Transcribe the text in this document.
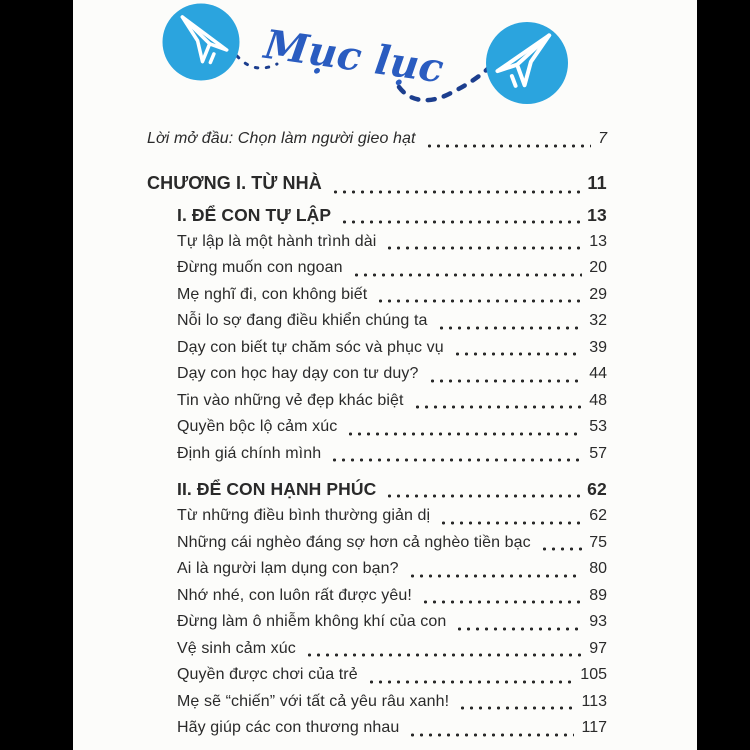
Mục lục
Lời mở đầu: Chọn làm người gieo hạt	7
CHƯƠNG I. TỪ NHÀ	11
I. ĐỂ CON TỰ LẬP	13
Tự lập là một hành trình dài	13
Đừng muốn con ngoan	20
Mẹ nghĩ đi, con không biết	29
Nỗi lo sợ đang điều khiển chúng ta	32
Dạy con biết tự chăm sóc và phục vụ	39
Dạy con học hay dạy con tư duy?	44
Tin vào những vẻ đẹp khác biệt	48
Quyền bộc lộ cảm xúc	53
Định giá chính mình	57
II. ĐỂ CON HẠNH PHÚC	62
Từ những điều bình thường giản dị	62
Những cái nghèo đáng sợ hơn cả nghèo tiền bạc	75
Ai là người lạm dụng con bạn?	80
Nhớ nhé, con luôn rất được yêu!	89
Đừng làm ô nhiễm không khí của con	93
Vệ sinh cảm xúc	97
Quyền được chơi của trẻ	105
Mẹ sẽ “chiến” với tất cả yêu râu xanh!	113
Hãy giúp các con thương nhau	117
